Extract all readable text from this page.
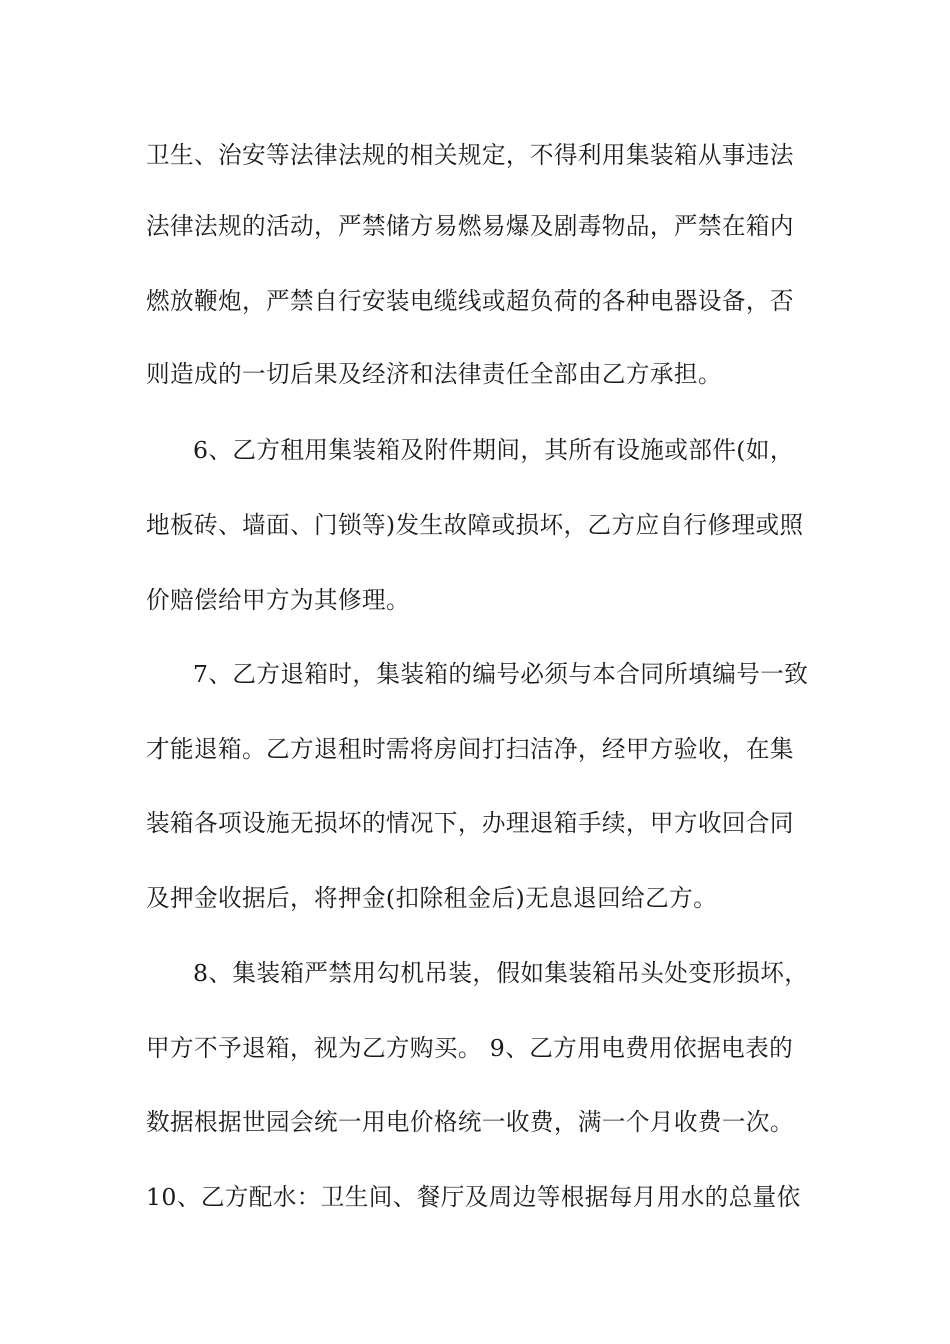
卫生、治安等法律法规的相关规定，不得利用集装箱从事违法
法律法规的活动，严禁储方易燃易爆及剧毒物品，严禁在箱内
燃放鞭炮，严禁自行安装电缆线或超负荷的各种电器设备，否
则造成的一切后果及经济和法律责任全部由乙方承担。
6、乙方租用集装箱及附件期间，其所有设施或部件(如，
地板砖、墙面、门锁等)发生故障或损坏，乙方应自行修理或照
价赔偿给甲方为其修理。
7、乙方退箱时，集装箱的编号必须与本合同所填编号一致
才能退箱。乙方退租时需将房间打扫洁净，经甲方验收，在集
装箱各项设施无损坏的情况下，办理退箱手续，甲方收回合同
及押金收据后，将押金(扣除租金后)无息退回给乙方。
8、集装箱严禁用勾机吊装，假如集装箱吊头处变形损坏，
甲方不予退箱，视为乙方购买。 9、乙方用电费用依据电表的
数据根据世园会统一用电价格统一收费，满一个月收费一次。
10、乙方配水：卫生间、餐厅及周边等根据每月用水的总量依
